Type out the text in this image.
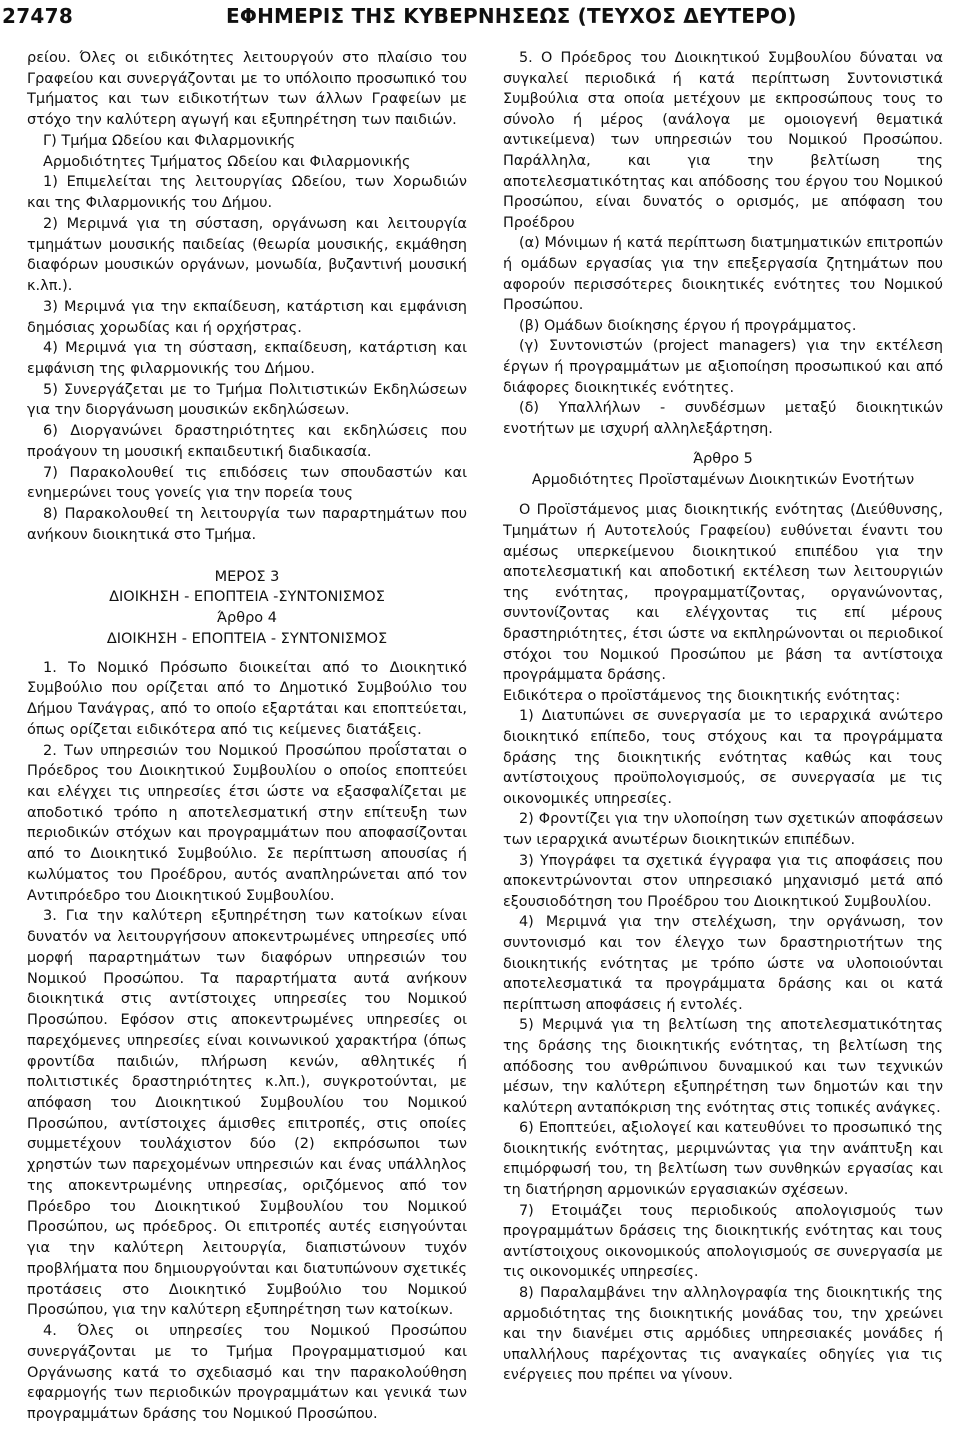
27478	ΕΦΗΜΕΡΙΣ ΤΗΣ ΚΥΒΕΡΝΗΣΕΩΣ (ΤΕΥΧΟΣ ΔΕΥΤΕΡΟ)

ρείου. Όλες οι ειδικότητες λειτουργούν στο πλαίσιο του Γραφείου και συνεργάζονται με το υπόλοιπο προσωπικό του Τμήματος και των ειδικοτήτων των άλλων Γραφείων με στόχο την καλύτερη αγωγή και εξυπηρέτηση των παιδιών.

Γ) Τμήμα Ωδείου και Φιλαρμονικής

Αρμοδιότητες Τμήματος Ωδείου και Φιλαρμονικής

1) Επιμελείται της λειτουργίας Ωδείου, των Χορωδιών και της Φιλαρμονικής του Δήμου.

2) Μεριμνά για τη σύσταση, οργάνωση και λειτουργία τμημάτων μουσικής παιδείας (θεωρία μουσικής, εκμάθηση διαφόρων μουσικών οργάνων, μονωδία, βυζαντινή μουσική κ.λπ.).

3) Μεριμνά για την εκπαίδευση, κατάρτιση και εμφάνιση δημόσιας χορωδίας και ή ορχήστρας.

4) Μεριμνά για τη σύσταση, εκπαίδευση, κατάρτιση και εμφάνιση της φιλαρμονικής του Δήμου.

5) Συνεργάζεται με το Τμήμα Πολιτιστικών Εκδηλώσεων για την διοργάνωση μουσικών εκδηλώσεων.

6) Διοργανώνει δραστηριότητες και εκδηλώσεις που προάγουν τη μουσική εκπαιδευτική διαδικασία.

7) Παρακολουθεί τις επιδόσεις των σπουδαστών και ενημερώνει τους γονείς για την πορεία τους

8) Παρακολουθεί τη λειτουργία των παραρτημάτων που ανήκουν διοικητικά στο Τμήμα.

ΜΕΡΟΣ 3

ΔΙΟΙΚΗΣΗ - ΕΠΟΠΤΕΙΑ -ΣΥΝΤΟΝΙΣΜΟΣ

Άρθρο 4

ΔΙΟΙΚΗΣΗ - ΕΠΟΠΤΕΙΑ - ΣΥΝΤΟΝΙΣΜΟΣ

1. Το Νομικό Πρόσωπο διοικείται από το Διοικητικό Συμβούλιο που ορίζεται από το Δημοτικό Συμβούλιο του Δήμου Τανάγρας, από το οποίο εξαρτάται και εποπτεύεται, όπως ορίζεται ειδικότερα από τις κείμενες διατάξεις.

2. Των υπηρεσιών του Νομικού Προσώπου προΐσταται ο Πρόεδρος του Διοικητικού Συμβουλίου ο οποίος εποπτεύει και ελέγχει τις υπηρεσίες έτσι ώστε να εξασφαλίζεται με αποδοτικό τρόπο η αποτελεσματική στην επίτευξη των περιοδικών στόχων και προγραμμάτων που αποφασίζονται από το Διοικητικό Συμβούλιο. Σε περίπτωση απουσίας ή κωλύματος του Προέδρου, αυτός αναπληρώνεται από τον Αντιπρόεδρο του Διοικητικού Συμβουλίου.

3. Για την καλύτερη εξυπηρέτηση των κατοίκων είναι δυνατόν να λειτουργήσουν αποκεντρωμένες υπηρεσίες υπό μορφή παραρτημάτων των διαφόρων υπηρεσιών του Νομικού Προσώπου. Τα παραρτήματα αυτά ανήκουν διοικητικά στις αντίστοιχες υπηρεσίες του Νομικού Προσώπου. Εφόσον στις αποκεντρωμένες υπηρεσίες οι παρεχόμενες υπηρεσίες είναι κοινωνικού χαρακτήρα (όπως φροντίδα παιδιών, πλήρωση κενών, αθλητικές ή πολιτιστικές δραστηριότητες κ.λπ.), συγκροτούνται, με απόφαση του Διοικητικού Συμβουλίου του Νομικού Προσώπου, αντίστοιχες άμισθες επιτροπές, στις οποίες συμμετέχουν τουλάχιστον δύο (2) εκπρόσωποι των χρηστών των παρεχομένων υπηρεσιών και ένας υπάλληλος της αποκεντρωμένης υπηρεσίας, οριζόμενος από τον Πρόεδρο του Διοικητικού Συμβουλίου του Νομικού Προσώπου, ως πρόεδρος. Οι επιτροπές αυτές εισηγούνται για την καλύτερη λειτουργία, διαπιστώνουν τυχόν προβλήματα που δημιουργούνται και διατυπώνουν σχετικές προτάσεις στο Διοικητικό Συμβούλιο του Νομικού Προσώπου, για την καλύτερη εξυπηρέτηση των κατοίκων.

4. Όλες οι υπηρεσίες του Νομικού Προσώπου συνεργάζονται με το Τμήμα Προγραμματισμού και Οργάνωσης κατά το σχεδιασμό και την παρακολούθηση εφαρμογής των περιοδικών προγραμμάτων και γενικά των προγραμμάτων δράσης του Νομικού Προσώπου.

5. Ο Πρόεδρος του Διοικητικού Συμβουλίου δύναται να συγκαλεί περιοδικά ή κατά περίπτωση Συντονιστικά Συμβούλια στα οποία μετέχουν με εκπροσώπους τους το σύνολο ή μέρος (ανάλογα με ομοιογενή θεματικά αντικείμενα) των υπηρεσιών του Νομικού Προσώπου. Παράλληλα, και για την βελτίωση της αποτελεσματικότητας και απόδοσης του έργου του Νομικού Προσώπου, είναι δυνατός ο ορισμός, με απόφαση του Προέδρου

(α) Μόνιμων ή κατά περίπτωση διατμηματικών επιτροπών ή ομάδων εργασίας για την επεξεργασία ζητημάτων που αφορούν περισσότερες διοικητικές ενότητες του Νομικού Προσώπου.

(β) Ομάδων διοίκησης έργου ή προγράμματος.

(γ) Συντονιστών (project managers) για την εκτέλεση έργων ή προγραμμάτων με αξιοποίηση προσωπικού και από διάφορες διοικητικές ενότητες.

(δ) Υπαλλήλων - συνδέσμων μεταξύ διοικητικών ενοτήτων με ισχυρή αλληλεξάρτηση.

Άρθρο 5

Αρμοδιότητες Προϊσταμένων Διοικητικών Ενοτήτων

Ο Προϊστάμενος μιας διοικητικής ενότητας (Διεύθυνσης, Τμημάτων ή Αυτοτελούς Γραφείου) ευθύνεται έναντι του αμέσως υπερκείμενου διοικητικού επιπέδου για την αποτελεσματική και αποδοτική εκτέλεση των λειτουργιών της ενότητας, προγραμματίζοντας, οργανώνοντας, συντονίζοντας και ελέγχοντας τις επί μέρους δραστηριότητες, έτσι ώστε να εκπληρώνονται οι περιοδικοί στόχοι του Νομικού Προσώπου με βάση τα αντίστοιχα προγράμματα δράσης.

Ειδικότερα ο προϊστάμενος της διοικητικής ενότητας:

1) Διατυπώνει σε συνεργασία με το ιεραρχικά ανώτερο διοικητικό επίπεδο, τους στόχους και τα προγράμματα δράσης της διοικητικής ενότητας καθώς και τους αντίστοιχους προϋπολογισμούς, σε συνεργασία με τις οικονομικές υπηρεσίες.

2) Φροντίζει για την υλοποίηση των σχετικών αποφάσεων των ιεραρχικά ανωτέρων διοικητικών επιπέδων.

3) Υπογράφει τα σχετικά έγγραφα για τις αποφάσεις που αποκεντρώνονται στον υπηρεσιακό μηχανισμό μετά από εξουσιοδότηση του Προέδρου του Διοικητικού Συμβουλίου.

4) Μεριμνά για την στελέχωση, την οργάνωση, τον συντονισμό και τον έλεγχο των δραστηριοτήτων της διοικητικής ενότητας με τρόπο ώστε να υλοποιούνται αποτελεσματικά τα προγράμματα δράσης και οι κατά περίπτωση αποφάσεις ή εντολές.

5) Μεριμνά για τη βελτίωση της αποτελεσματικότητας της δράσης της διοικητικής ενότητας, τη βελτίωση της απόδοσης του ανθρώπινου δυναμικού και των τεχνικών μέσων, την καλύτερη εξυπηρέτηση των δημοτών και την καλύτερη ανταπόκριση της ενότητας στις τοπικές ανάγκες.

6) Εποπτεύει, αξιολογεί και κατευθύνει το προσωπικό της διοικητικής ενότητας, μεριμνώντας για την ανάπτυξη και επιμόρφωσή του, τη βελτίωση των συνθηκών εργασίας και τη διατήρηση αρμονικών εργασιακών σχέσεων.

7) Ετοιμάζει τους περιοδικούς απολογισμούς των προγραμμάτων δράσεις της διοικητικής ενότητας και τους αντίστοιχους οικονομικούς απολογισμούς σε συνεργασία με τις οικονομικές υπηρεσίες.

8) Παραλαμβάνει την αλληλογραφία της διοικητικής της αρμοδιότητας της διοικητικής μονάδας του, την χρεώνει και την διανέμει στις αρμόδιες υπηρεσιακές μονάδες ή υπαλλήλους παρέχοντας τις αναγκαίες οδηγίες για τις ενέργειες που πρέπει να γίνουν.
